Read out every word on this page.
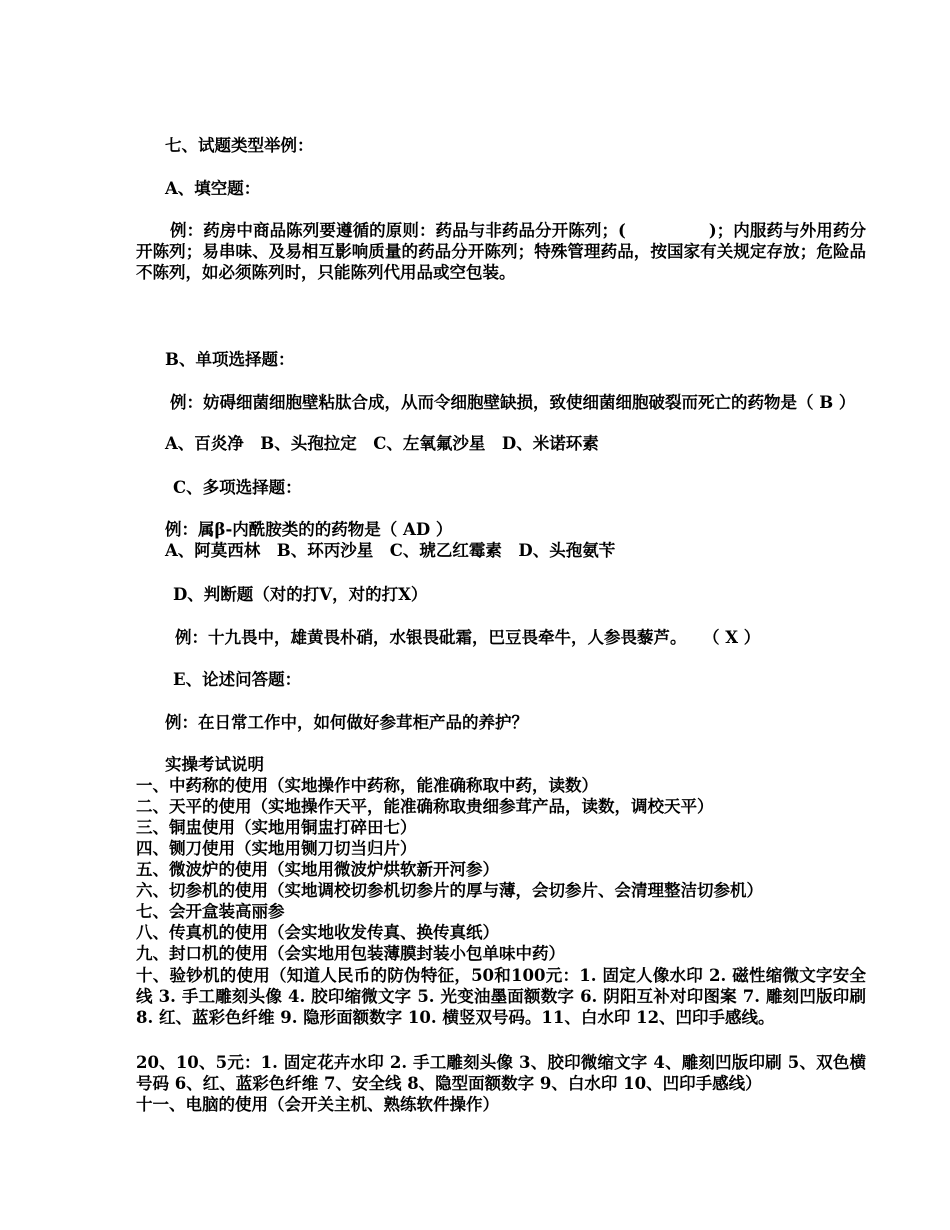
七、试题类型举例：
A、填空题：
例：药房中商品陈列要遵循的原则：药品与非药品分开陈列；(　　　　　)；内服药与外用药分开陈列；易串味、及易相互影响质量的药品分开陈列；特殊管理药品，按国家有关规定存放；危险品不陈列，如必须陈列时，只能陈列代用品或空包装。
B、单项选择题：
例：妨碍细菌细胞壁粘肽合成，从而令细胞壁缺损，致使细菌细胞破裂而死亡的药物是（ B ）
A、百炎净　B、头孢拉定　C、左氧氟沙星　D、米诺环素
C、多项选择题：
例：属β-内酰胺类的的药物是（ AD ）
A、阿莫西林　B、环丙沙星　C、琥乙红霉素　D、头孢氨苄
D、判断题（对的打V，对的打X）
例：十九畏中，雄黄畏朴硝，水银畏砒霜，巴豆畏牵牛，人参畏藜芦。　　（ X ）
E、论述问答题：
例：在日常工作中，如何做好参茸柜产品的养护？
实操考试说明
一、中药称的使用（实地操作中药称，能准确称取中药，读数）
二、天平的使用（实地操作天平，能准确称取贵细参茸产品，读数，调校天平）
三、铜盅使用（实地用铜盅打碎田七）
四、铡刀使用（实地用铡刀切当归片）
五、微波炉的使用（实地用微波炉烘软新开河参）
六、切参机的使用（实地调校切参机切参片的厚与薄，会切参片、会清理整洁切参机）
七、会开盒装高丽参
八、传真机的使用（会实地收发传真、换传真纸）
九、封口机的使用（会实地用包装薄膜封装小包单味中药）
十、验钞机的使用（知道人民币的防伪特征，50和100元：1. 固定人像水印 2. 磁性缩微文字安全线 3. 手工雕刻头像 4. 胶印缩微文字 5. 光变油墨面额数字 6. 阴阳互补对印图案 7. 雕刻凹版印刷 8. 红、蓝彩色纤维 9. 隐形面额数字 10. 横竖双号码。11、白水印 12、凹印手感线。
20、10、5元：1. 固定花卉水印 2. 手工雕刻头像 3、胶印微缩文字 4、雕刻凹版印刷 5、双色横号码 6、红、蓝彩色纤维 7、安全线 8、隐型面额数字 9、白水印 10、凹印手感线）
十一、电脑的使用（会开关主机、熟练软件操作）
